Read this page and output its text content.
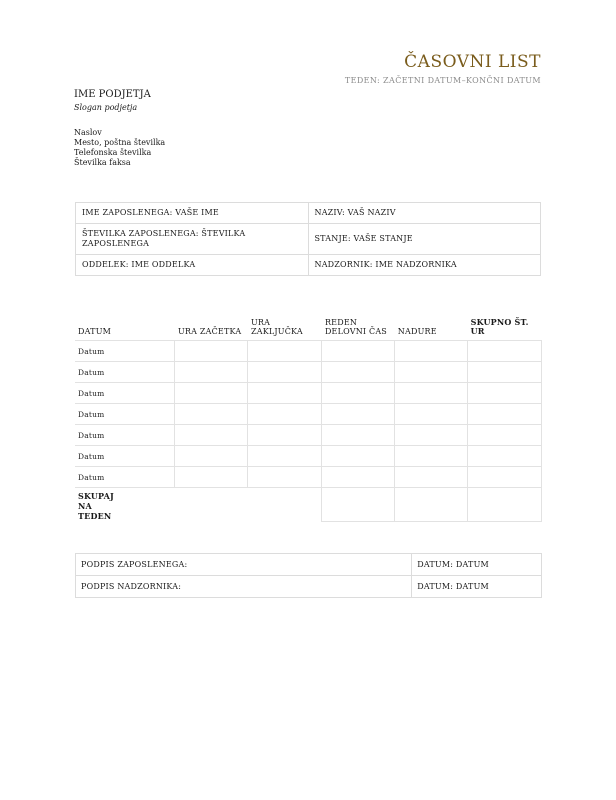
ČASOVNI LIST
TEDEN: ZAČETNI DATUM–KONČNI DATUM
IME PODJETJA
Slogan podjetja
Naslov
Mesto, poštna številka
Telefonska številka
Številka faksa
IME ZAPOSLENEGA: VAŠE IME	NAZIV: VAŠ NAZIV
ŠTEVILKA ZAPOSLENEGA: ŠTEVILKA ZAPOSLENEGA	STANJE: VAŠE STANJE
ODDELEK: IME ODDELKA	NADZORNIK: IME NADZORNIKA
DATUM	URA ZAČETKA	URA ZAKLJUČKA	REDEN DELOVNI ČAS	NADURE	SKUPNO ŠT. UR
Datum					
Datum					
Datum					
Datum					
Datum					
Datum					
Datum					
SKUPAJ NA TEDEN					
PODPIS ZAPOSLENEGA:	DATUM: DATUM
PODPIS NADZORNIKA:	DATUM: DATUM
